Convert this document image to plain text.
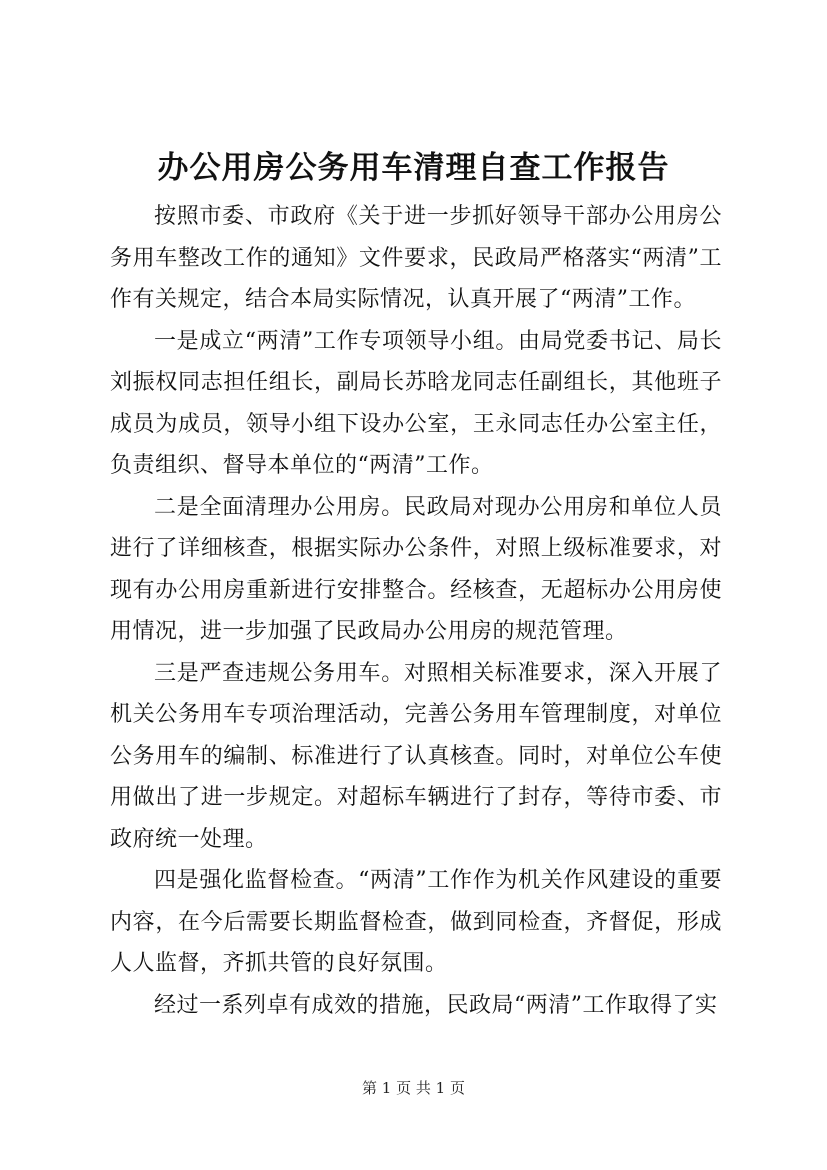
办公用房公务用车清理自查工作报告

按照市委、市政府《关于进一步抓好领导干部办公用房公务用车整改工作的通知》文件要求，民政局严格落实“两清”工作有关规定，结合本局实际情况，认真开展了“两清”工作。

一是成立“两清”工作专项领导小组。由局党委书记、局长刘振权同志担任组长，副局长苏晗龙同志任副组长，其他班子成员为成员，领导小组下设办公室，王永同志任办公室主任，负责组织、督导本单位的“两清”工作。

二是全面清理办公用房。民政局对现办公用房和单位人员进行了详细核查，根据实际办公条件，对照上级标准要求，对现有办公用房重新进行安排整合。经核查，无超标办公用房使用情况，进一步加强了民政局办公用房的规范管理。

三是严查违规公务用车。对照相关标准要求，深入开展了机关公务用车专项治理活动，完善公务用车管理制度，对单位公务用车的编制、标准进行了认真核查。同时，对单位公车使用做出了进一步规定。对超标车辆进行了封存，等待市委、市政府统一处理。

四是强化监督检查。“两清”工作作为机关作风建设的重要内容，在今后需要长期监督检查，做到同检查，齐督促，形成人人监督，齐抓共管的良好氛围。

经过一系列卓有成效的措施，民政局“两清”工作取得了实

第 1 页 共 1 页
